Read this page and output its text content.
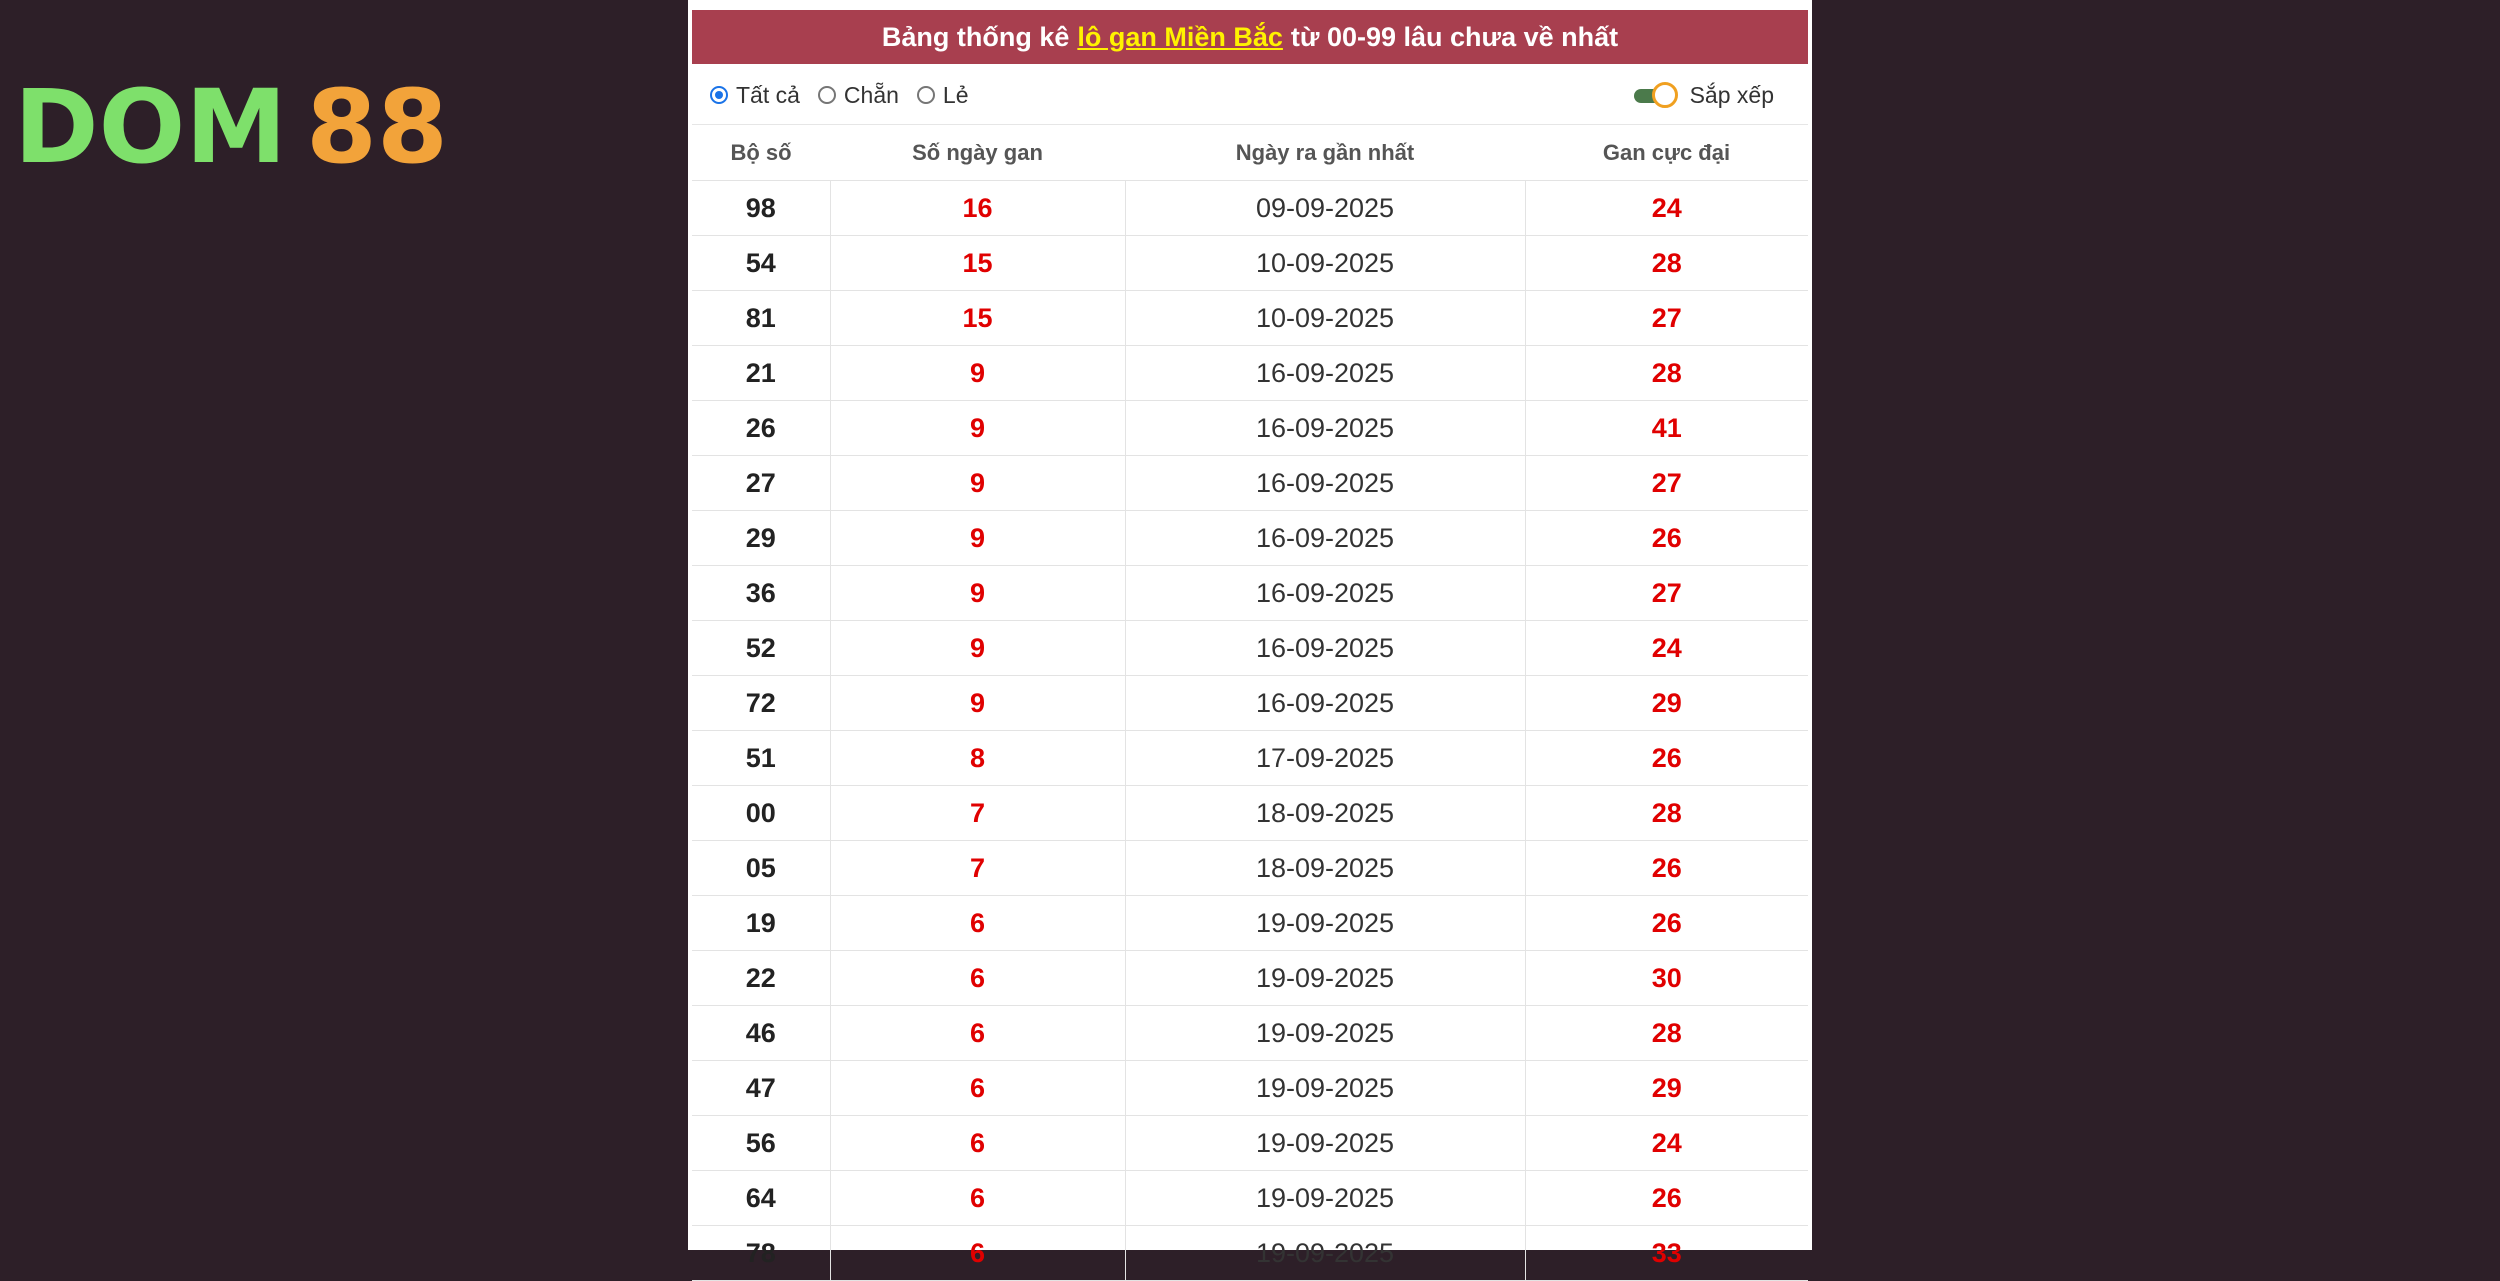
DOM 88
Bảng thống kê lô gan Miền Bắc từ 00-99 lâu chưa về nhất
Tất cả Chẵn Lẻ	Sắp xếp
Bộ số	Số ngày gan	Ngày ra gần nhất	Gan cực đại
98	16	09-09-2025	24
54	15	10-09-2025	28
81	15	10-09-2025	27
21	9	16-09-2025	28
26	9	16-09-2025	41
27	9	16-09-2025	27
29	9	16-09-2025	26
36	9	16-09-2025	27
52	9	16-09-2025	24
72	9	16-09-2025	29
51	8	17-09-2025	26
00	7	18-09-2025	28
05	7	18-09-2025	26
19	6	19-09-2025	26
22	6	19-09-2025	30
46	6	19-09-2025	28
47	6	19-09-2025	29
56	6	19-09-2025	24
64	6	19-09-2025	26
78	6	19-09-2025	33
